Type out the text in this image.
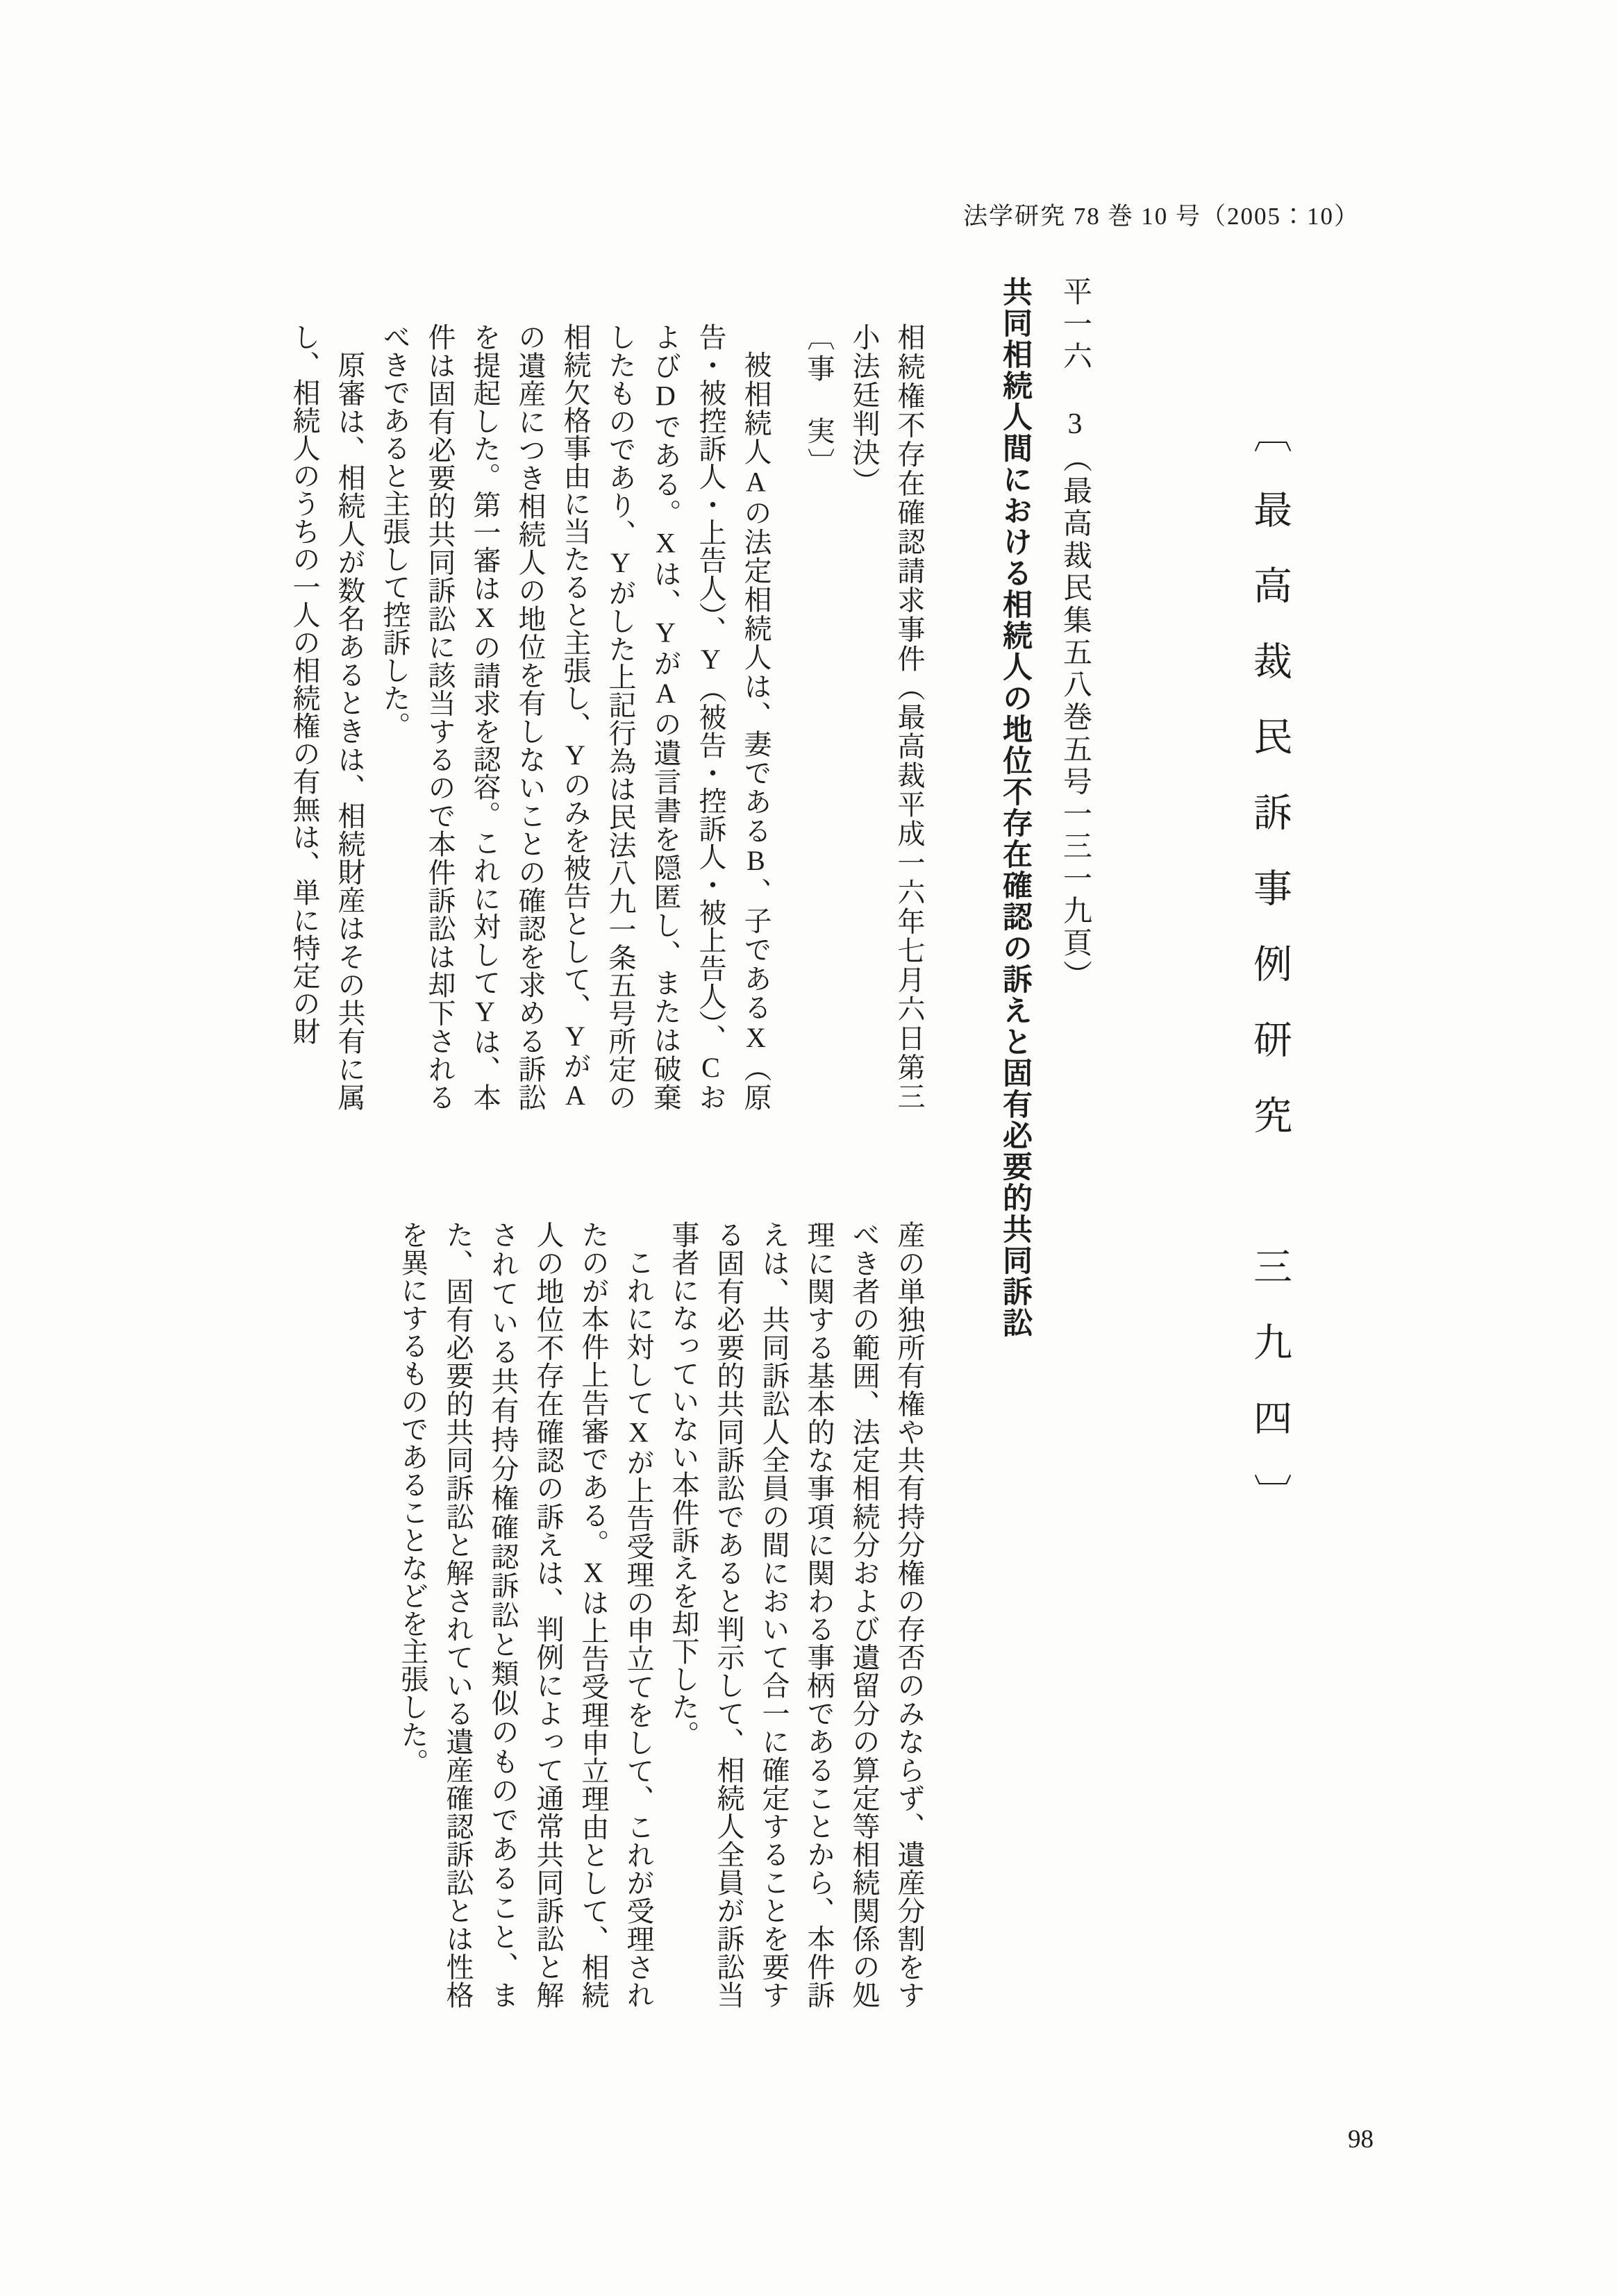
法学研究 78 巻 10 号（2005：10）
〔最高裁民訴事例研究　三九四〕
平一六 3（最高裁民集五八巻五号一三一九頁）
共同相続人間における相続人の地位不存在確認の訴えと固有必要的共同訴訟

相続権不存在確認請求事件（最高裁平成一六年七月六日第三小法廷判決）

〔事　実〕

被相続人Aの法定相続人は、妻であるB、子であるX（原告・被控訴人・上告人）、Y（被告・控訴人・被上告人）、CおよびDである。Xは、YがAの遺言書を隠匿し、または破棄したものであり、Yがした上記行為は民法八九一条五号所定の相続欠格事由に当たると主張し、Yのみを被告として、YがAの遺産につき相続人の地位を有しないことの確認を求める訴訟を提起した。第一審はXの請求を認容。これに対してYは、本件は固有必要的共同訴訟に該当するので本件訴訟は却下されるべきであると主張して控訴した。

原審は、相続人が数名あるときは、相続財産はその共有に属し、相続人のうちの一人の相続権の有無は、単に特定の財

産の単独所有権や共有持分権の存否のみならず、遺産分割をすべき者の範囲、法定相続分および遺留分の算定等相続関係の処理に関する基本的な事項に関わる事柄であることから、本件訴えは、共同訴訟人全員の間において合一に確定することを要する固有必要的共同訴訟であると判示して、相続人全員が訴訟当事者になっていない本件訴えを却下した。

これに対してXが上告受理の申立てをして、これが受理されたのが本件上告審である。Xは上告受理申立理由として、相続人の地位不存在確認の訴えは、判例によって通常共同訴訟と解されている共有持分権確認訴訟と類似のものであること、また、固有必要的共同訴訟と解されている遺産確認訴訟とは性格を異にするものであることなどを主張した。

98
